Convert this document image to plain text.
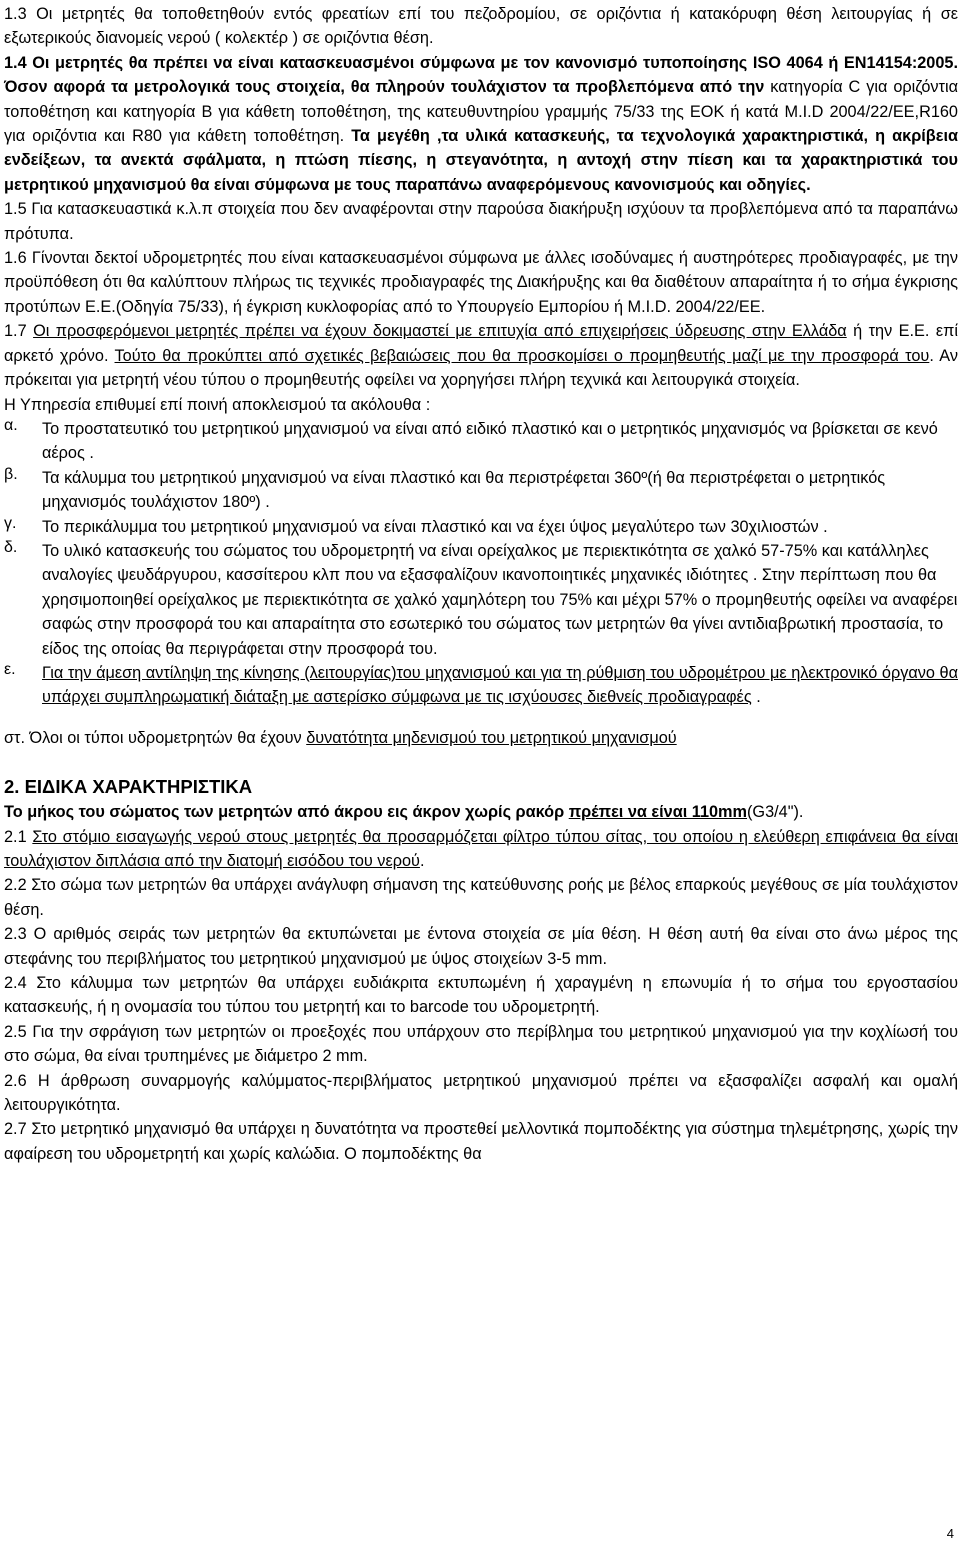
1.3 Οι μετρητές θα τοποθετηθούν εντός φρεατίων επί του πεζοδρομίου, σε οριζόντια ή κατακόρυφη θέση λειτουργίας ή σε εξωτερικούς διανομείς νερού ( κολεκτέρ ) σε οριζόντια θέση.

1.4 Οι μετρητές θα πρέπει να είναι κατασκευασμένοι σύμφωνα με τον κανονισμό τυποποίησης ISO 4064 ή EN14154:2005. Όσον αφορά τα μετρολογικά τους στοιχεία, θα πληρούν τουλάχιστον τα προβλεπόμενα από την κατηγορία C για οριζόντια τοποθέτηση και κατηγορία B για κάθετη τοποθέτηση, της κατευθυντηρίου γραμμής 75/33 της ΕΟΚ ή κατά M.I.D 2004/22/ΕΕ,R160 για οριζόντια και R80 για κάθετη τοποθέτηση. Τα μεγέθη ,τα υλικά κατασκευής, τα τεχνολογικά χαρακτηριστικά, η ακρίβεια ενδείξεων, τα ανεκτά σφάλματα, η πτώση πίεσης, η στεγανότητα, η αντοχή στην πίεση και τα χαρακτηριστικά του μετρητικού μηχανισμού θα είναι σύμφωνα με τους παραπάνω αναφερόμενους κανονισμούς και οδηγίες.

1.5 Για κατασκευαστικά κ.λ.π στοιχεία που δεν αναφέρονται στην παρούσα διακήρυξη ισχύουν τα προβλεπόμενα από τα παραπάνω πρότυπα.

1.6 Γίνονται δεκτοί υδρομετρητές που είναι κατασκευασμένοι σύμφωνα με άλλες ισοδύναμες ή αυστηρότερες προδιαγραφές, με την προϋπόθεση ότι θα καλύπτουν πλήρως τις τεχνικές προδιαγραφές της Διακήρυξης και θα διαθέτουν απαραίτητα ή το σήμα έγκρισης προτύπων Ε.Ε.(Οδηγία 75/33), ή έγκριση κυκλοφορίας από το Υπουργείο Εμπορίου ή M.I.D. 2004/22/ΕΕ.

1.7 Οι προσφερόμενοι μετρητές πρέπει να έχουν δοκιμαστεί με επιτυχία από επιχειρήσεις ύδρευσης στην Ελλάδα ή την Ε.Ε. επί αρκετό χρόνο. Τούτο θα προκύπτει από σχετικές βεβαιώσεις που θα προσκομίσει ο προμηθευτής μαζί με την προσφορά του. Αν πρόκειται για μετρητή νέου τύπου ο προμηθευτής οφείλει να χορηγήσει πλήρη τεχνικά και λειτουργικά στοιχεία.

Η Υπηρεσία επιθυμεί επί ποινή αποκλεισμού τα ακόλουθα :

α.	Το προστατευτικό του μετρητικού μηχανισμού να είναι από ειδικό πλαστικό και ο μετρητικός μηχανισμός να βρίσκεται σε κενό αέρος .

β.	Τα κάλυμμα του μετρητικού μηχανισμού να είναι πλαστικό και θα περιστρέφεται 360º(ή θα περιστρέφεται ο μετρητικός μηχανισμός τουλάχιστον 180º) .

γ.	Το περικάλυμμα του μετρητικού μηχανισμού να είναι πλαστικό και να έχει ύψος μεγαλύτερο των 30χιλιοστών .

δ.	Το υλικό κατασκευής του σώματος του υδρομετρητή να είναι ορείχαλκος με περιεκτικότητα σε χαλκό 57-75% και κατάλληλες αναλογίες ψευδάργυρου, κασσίτερου κλπ που να εξασφαλίζουν ικανοποιητικές μηχανικές ιδιότητες . Στην περίπτωση που θα χρησιμοποιηθεί ορείχαλκος με περιεκτικότητα σε χαλκό χαμηλότερη του 75% και μέχρι 57% ο προμηθευτής οφείλει να αναφέρει σαφώς στην προσφορά του και απαραίτητα στο εσωτερικό του σώματος των μετρητών θα γίνει αντιδιαβρωτική προστασία, το είδος της οποίας θα περιγράφεται στην προσφορά του.

ε.	Για την άμεση αντίληψη της κίνησης (λειτουργίας)του μηχανισμού και για τη ρύθμιση του υδρομέτρου με ηλεκτρονικό όργανο θα υπάρχει συμπληρωματική διάταξη με αστερίσκο σύμφωνα με τις ισχύουσες διεθνείς προδιαγραφές .

στ. Όλοι οι τύποι υδρομετρητών θα έχουν δυνατότητα μηδενισμού του μετρητικού μηχανισμού

2. ΕΙΔΙΚΑ ΧΑΡΑΚΤΗΡΙΣΤΙΚΑ

Το μήκος του σώματος των μετρητών από άκρου εις άκρον χωρίς ρακόρ πρέπει να είναι 110mm(G3/4").

2.1 Στο στόμιο εισαγωγής νερού στους μετρητές θα προσαρμόζεται φίλτρο τύπου σίτας, του οποίου η ελεύθερη επιφάνεια θα είναι τουλάχιστον διπλάσια από την διατομή εισόδου του νερού.

2.2 Στο σώμα των μετρητών θα υπάρχει ανάγλυφη σήμανση της κατεύθυνσης ροής με βέλος επαρκούς μεγέθους σε μία τουλάχιστον θέση.

2.3 Ο αριθμός σειράς των μετρητών θα εκτυπώνεται με έντονα στοιχεία σε μία θέση. Η θέση αυτή θα είναι στο άνω μέρος της στεφάνης του περιβλήματος του μετρητικού μηχανισμού με ύψος στοιχείων 3-5 mm.

2.4 Στο κάλυμμα των μετρητών θα υπάρχει ευδιάκριτα εκτυπωμένη ή χαραγμένη η επωνυμία ή το σήμα του εργοστασίου κατασκευής, ή η ονομασία του τύπου του μετρητή και το barcode του υδρομετρητή.

2.5 Για την σφράγιση των μετρητών οι προεξοχές που υπάρχουν στο περίβλημα του μετρητικού μηχανισμού για την κοχλίωσή του στο σώμα, θα είναι τρυπημένες με διάμετρο 2 mm.

2.6 Η άρθρωση συναρμογής καλύμματος-περιβλήματος μετρητικού μηχανισμού πρέπει να εξασφαλίζει ασφαλή και ομαλή λειτουργικότητα.

2.7 Στο μετρητικό μηχανισμό θα υπάρχει η δυνατότητα να προστεθεί μελλοντικά πομποδέκτης για σύστημα τηλεμέτρησης, χωρίς την αφαίρεση του υδρομετρητή και χωρίς καλώδια. Ο πομποδέκτης θα

4
